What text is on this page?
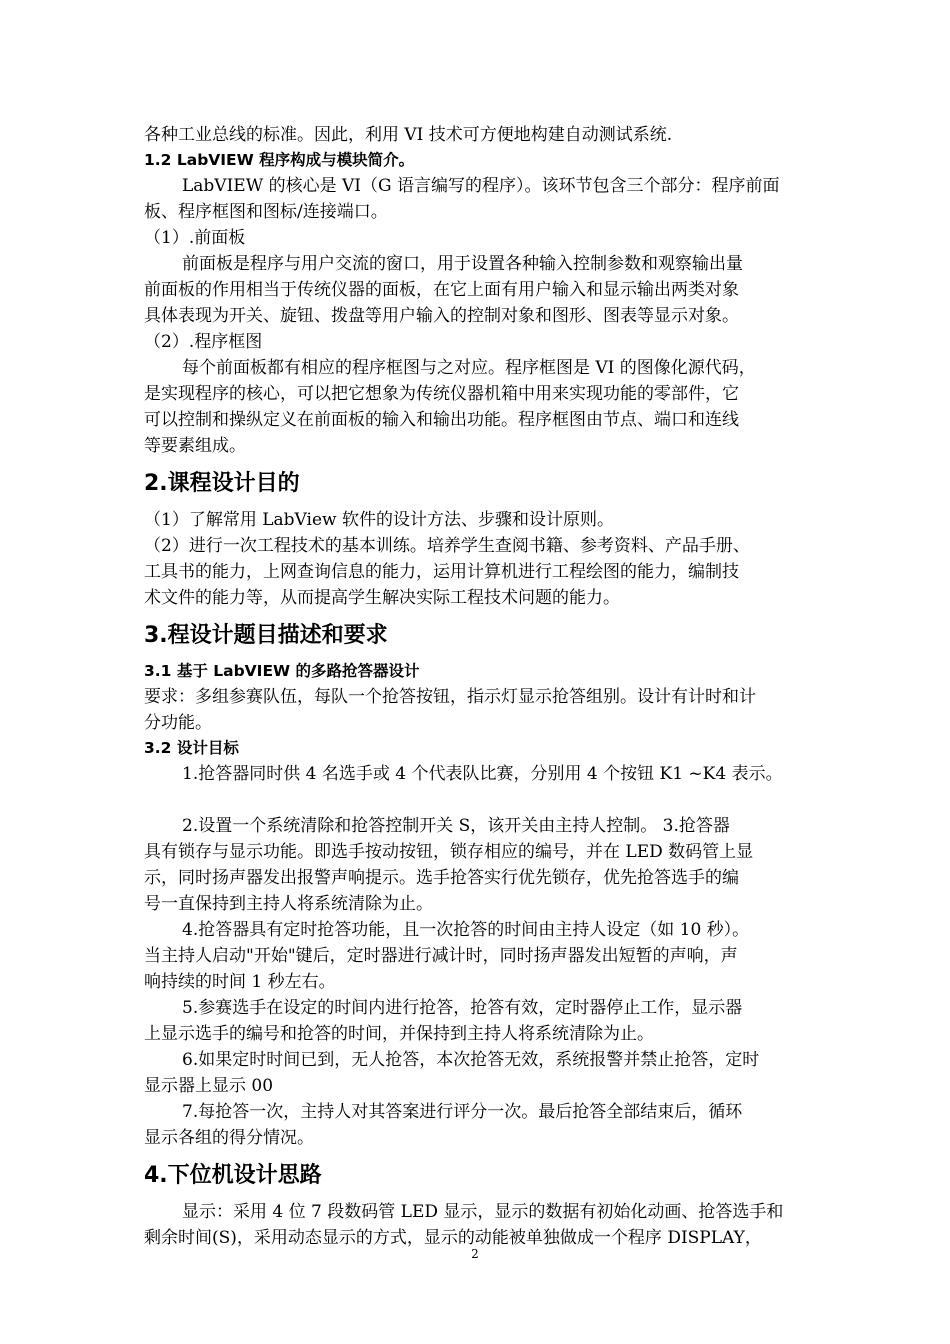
各种工业总线的标准。因此，利用 VI 技术可方便地构建自动测试系统.

1.2 LabVIEW 程序构成与模块简介。

LabVIEW 的核心是 VI（G 语言编写的程序）。该环节包含三个部分：程序前面

板、程序框图和图标/连接端口。

（1）.前面板

前面板是程序与用户交流的窗口，用于设置各种输入控制参数和观察输出量

前面板的作用相当于传统仪器的面板，在它上面有用户输入和显示输出两类对象

具体表现为开关、旋钮、拨盘等用户输入的控制对象和图形、图表等显示对象。

（2）.程序框图

每个前面板都有相应的程序框图与之对应。程序框图是 VI 的图像化源代码，

是实现程序的核心，可以把它想象为传统仪器机箱中用来实现功能的零部件，它

可以控制和操纵定义在前面板的输入和输出功能。程序框图由节点、端口和连线

等要素组成。

2.课程设计目的

（1）了解常用 LabView 软件的设计方法、步骤和设计原则。

（2）进行一次工程技术的基本训练。培养学生查阅书籍、参考资料、产品手册、

工具书的能力，上网查询信息的能力，运用计算机进行工程绘图的能力，编制技

术文件的能力等，从而提高学生解决实际工程技术问题的能力。

3.程设计题目描述和要求

3.1 基于 LabVIEW 的多路抢答器设计

要求：多组参赛队伍，每队一个抢答按钮，指示灯显示抢答组别。设计有计时和计

分功能。

3.2 设计目标

1.抢答器同时供 4 名选手或 4 个代表队比赛，分别用 4 个按钮 K1 ~K4 表示。

2.设置一个系统清除和抢答控制开关 S，该开关由主持人控制。 3.抢答器

具有锁存与显示功能。即选手按动按钮，锁存相应的编号，并在 LED 数码管上显

示，同时扬声器发出报警声响提示。选手抢答实行优先锁存，优先抢答选手的编

号一直保持到主持人将系统清除为止。

4.抢答器具有定时抢答功能，且一次抢答的时间由主持人设定（如 10 秒）。

当主持人启动"开始"键后，定时器进行减计时，同时扬声器发出短暂的声响，声

响持续的时间 1 秒左右。

5.参赛选手在设定的时间内进行抢答，抢答有效，定时器停止工作，显示器

上显示选手的编号和抢答的时间，并保持到主持人将系统清除为止。

6.如果定时时间已到，无人抢答，本次抢答无效，系统报警并禁止抢答，定时

显示器上显示 00

7.每抢答一次，主持人对其答案进行评分一次。最后抢答全部结束后，循环

显示各组的得分情况。

4.下位机设计思路

显示：采用 4 位 7 段数码管 LED 显示，显示的数据有初始化动画、抢答选手和

剩余时间(S)，采用动态显示的方式，显示的动能被单独做成一个程序 DISPLAY，

2
